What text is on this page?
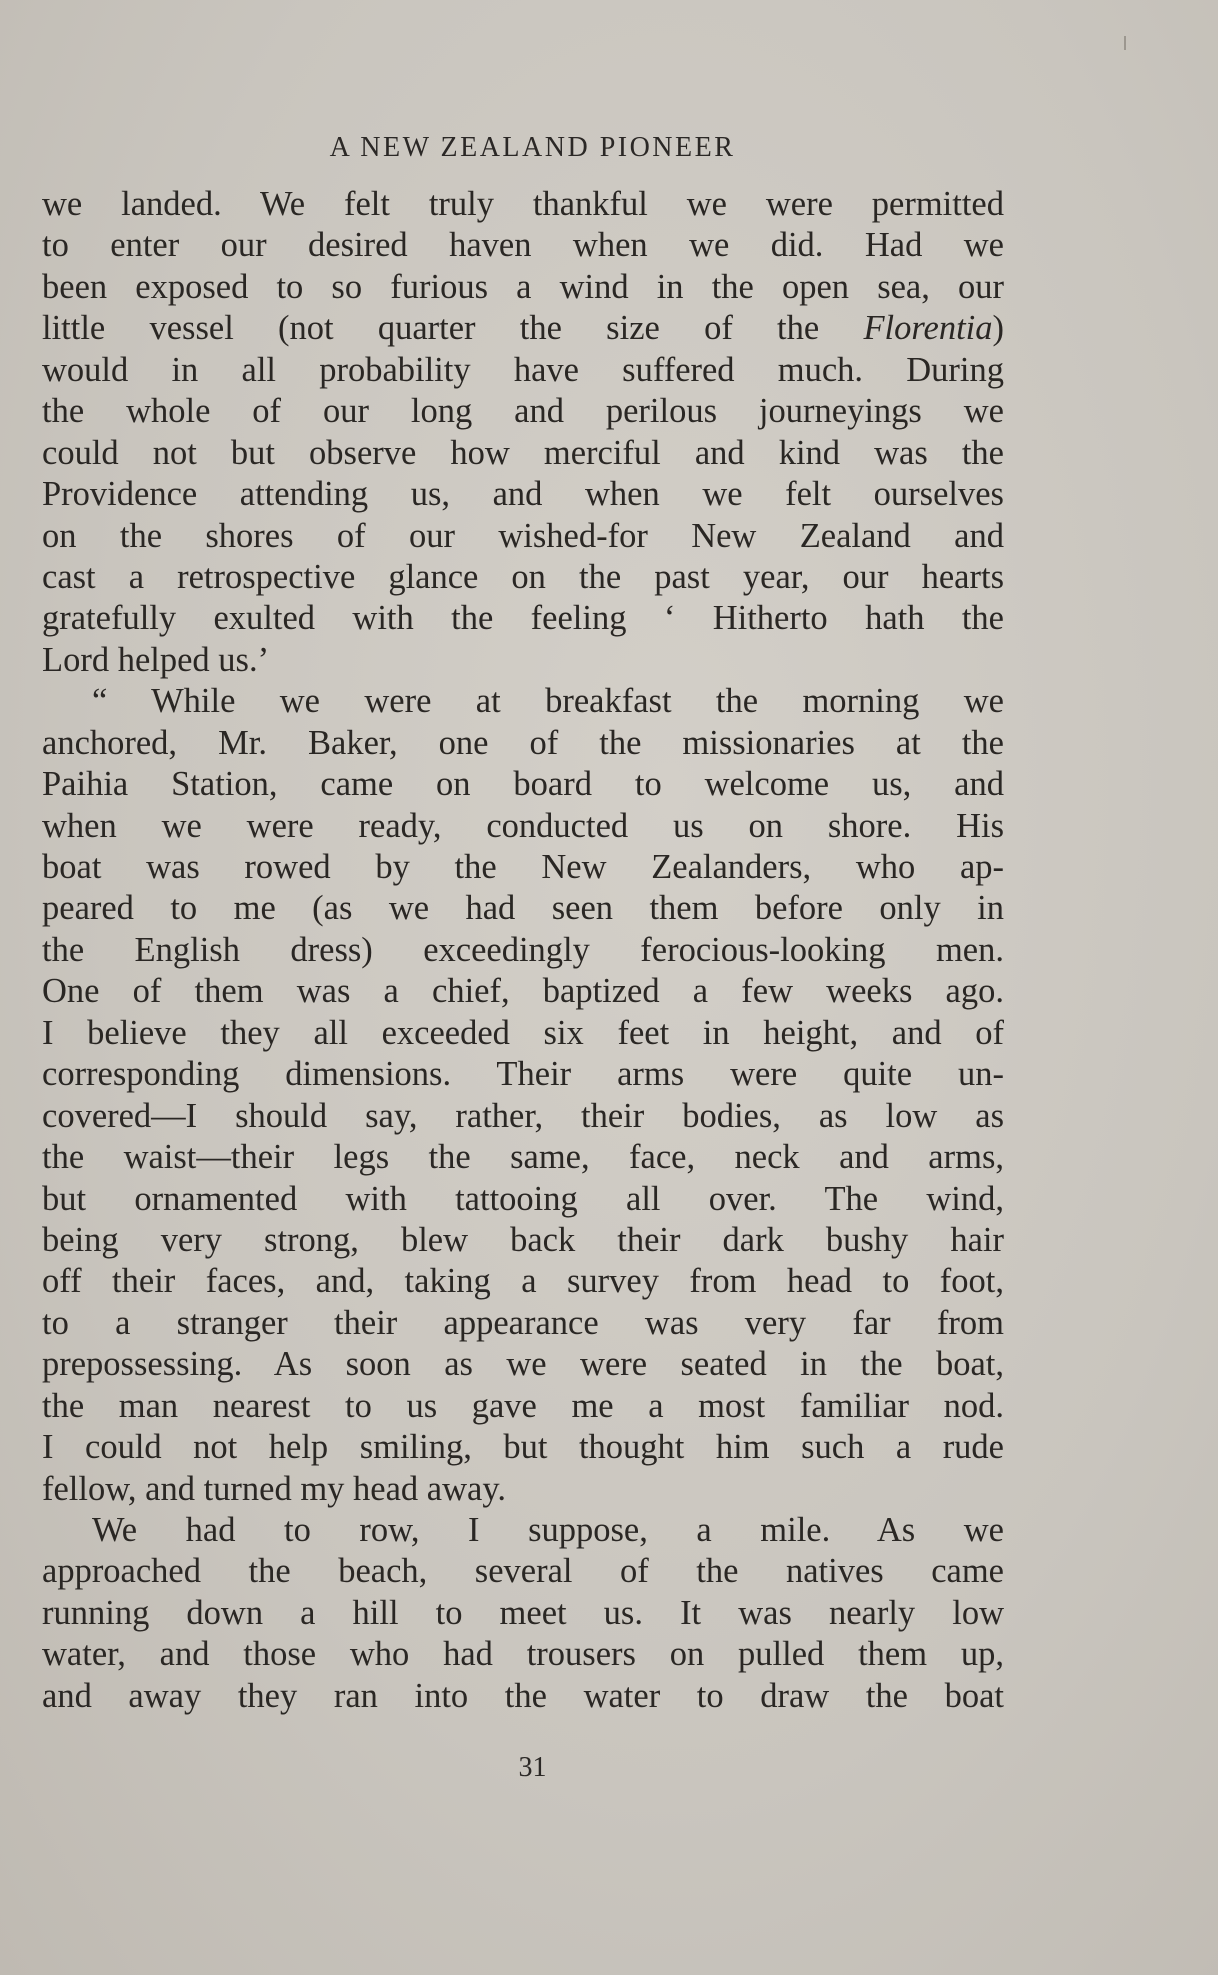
A NEW ZEALAND PIONEER
we landed. We felt truly thankful we were permitted
to enter our desired haven when we did. Had we
been exposed to so furious a wind in the open sea, our
little vessel (not quarter the size of the Florentia)
would in all probability have suffered much. During
the whole of our long and perilous journeyings we
could not but observe how merciful and kind was the
Providence attending us, and when we felt ourselves
on the shores of our wished-for New Zealand and
cast a retrospective glance on the past year, our hearts
gratefully exulted with the feeling ‘ Hitherto hath the
Lord helped us.’
“ While we were at breakfast the morning we
anchored, Mr. Baker, one of the missionaries at the
Paihia Station, came on board to welcome us, and
when we were ready, conducted us on shore. His
boat was rowed by the New Zealanders, who ap-
peared to me (as we had seen them before only in
the English dress) exceedingly ferocious-looking men.
One of them was a chief, baptized a few weeks ago.
I believe they all exceeded six feet in height, and of
corresponding dimensions. Their arms were quite un-
covered—I should say, rather, their bodies, as low as
the waist—their legs the same, face, neck and arms,
but ornamented with tattooing all over. The wind,
being very strong, blew back their dark bushy hair
off their faces, and, taking a survey from head to foot,
to a stranger their appearance was very far from
prepossessing. As soon as we were seated in the boat,
the man nearest to us gave me a most familiar nod.
I could not help smiling, but thought him such a rude
fellow, and turned my head away.
We had to row, I suppose, a mile. As we
approached the beach, several of the natives came
running down a hill to meet us. It was nearly low
water, and those who had trousers on pulled them up,
and away they ran into the water to draw the boat
31
